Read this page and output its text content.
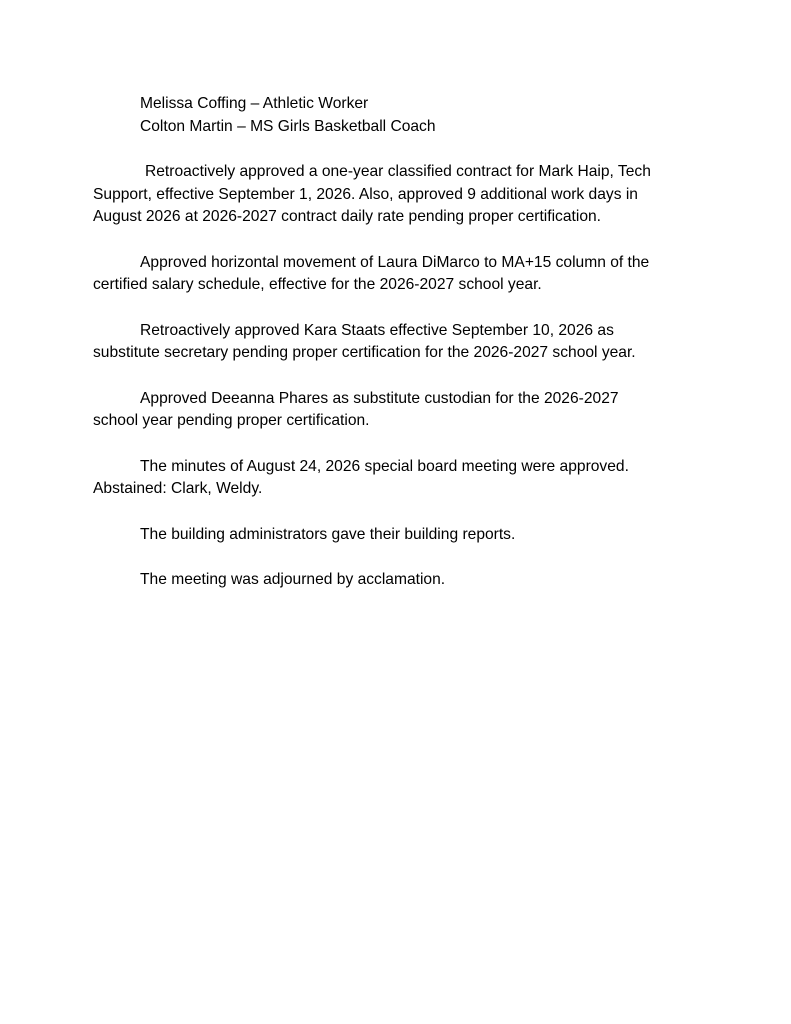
Melissa Coffing – Athletic Worker
Colton Martin – MS Girls Basketball Coach
Retroactively approved a one-year classified contract for Mark Haip, Tech
Support, effective September 1, 2026. Also, approved 9 additional work days in
August 2026 at 2026-2027 contract daily rate pending proper certification.
Approved horizontal movement of Laura DiMarco to MA+15 column of the
certified salary schedule, effective for the 2026-2027 school year.
Retroactively approved Kara Staats effective September 10, 2026 as
substitute secretary pending proper certification for the 2026-2027 school year.
Approved Deeanna Phares as substitute custodian for the 2026-2027
school year pending proper certification.
The minutes of August 24, 2026 special board meeting were approved.
Abstained: Clark, Weldy.
The building administrators gave their building reports.
The meeting was adjourned by acclamation.
